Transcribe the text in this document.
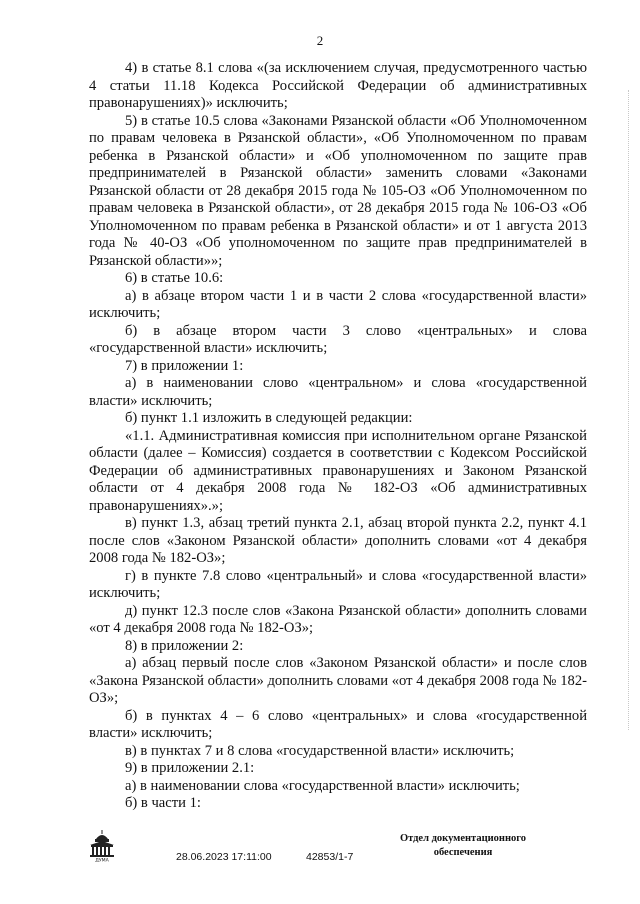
2

4) в статье 8.1 слова «(за исключением случая, предусмотренного частью 4 статьи 11.18 Кодекса Российской Федерации об административных правонарушениях)» исключить;

5) в статье 10.5 слова «Законами Рязанской области «Об Уполномоченном по правам человека в Рязанской области», «Об Уполномоченном по правам ребенка в Рязанской области» и «Об уполномоченном по защите прав предпринимателей в Рязанской области» заменить словами «Законами Рязанской области от 28 декабря 2015 года № 105-ОЗ «Об Уполномоченном по правам человека в Рязанской области», от 28 декабря 2015 года № 106-ОЗ «Об Уполномоченном по правам ребенка в Рязанской области» и от 1 августа 2013 года № 40-ОЗ «Об уполномоченном по защите прав предпринимателей в Рязанской области»»;

6) в статье 10.6:

а) в абзаце втором части 1 и в части 2 слова «государственной власти» исключить;

б) в абзаце втором части 3 слово «центральных» и слова «государственной власти» исключить;

7) в приложении 1:

а) в наименовании слово «центральном» и слова «государственной власти» исключить;

б) пункт 1.1 изложить в следующей редакции:

«1.1. Административная комиссия при исполнительном органе Рязанской области (далее – Комиссия) создается в соответствии с Кодексом Российской Федерации об административных правонарушениях и Законом Рязанской области от 4 декабря 2008 года № 182-ОЗ «Об административных правонарушениях».»;

в) пункт 1.3, абзац третий пункта 2.1, абзац второй пункта 2.2, пункт 4.1 после слов «Законом Рязанской области» дополнить словами «от 4 декабря 2008 года № 182-ОЗ»;

г) в пункте 7.8 слово «центральный» и слова «государственной власти» исключить;

д) пункт 12.3 после слов «Закона Рязанской области» дополнить словами «от 4 декабря 2008 года № 182-ОЗ»;

8) в приложении 2:

а) абзац первый после слов «Законом Рязанской области» и после слов «Закона Рязанской области» дополнить словами «от 4 декабря 2008 года № 182-ОЗ»;

б) в пунктах 4 – 6 слово «центральных» и слова «государственной власти» исключить;

в) в пунктах 7 и 8 слова «государственной власти» исключить;

9) в приложении 2.1:

а) в наименовании слова «государственной власти» исключить;

б) в части 1:

ДУМА	28.06.2023 17:11:00	42853/1-7
Отдел документационного
обеспечения
